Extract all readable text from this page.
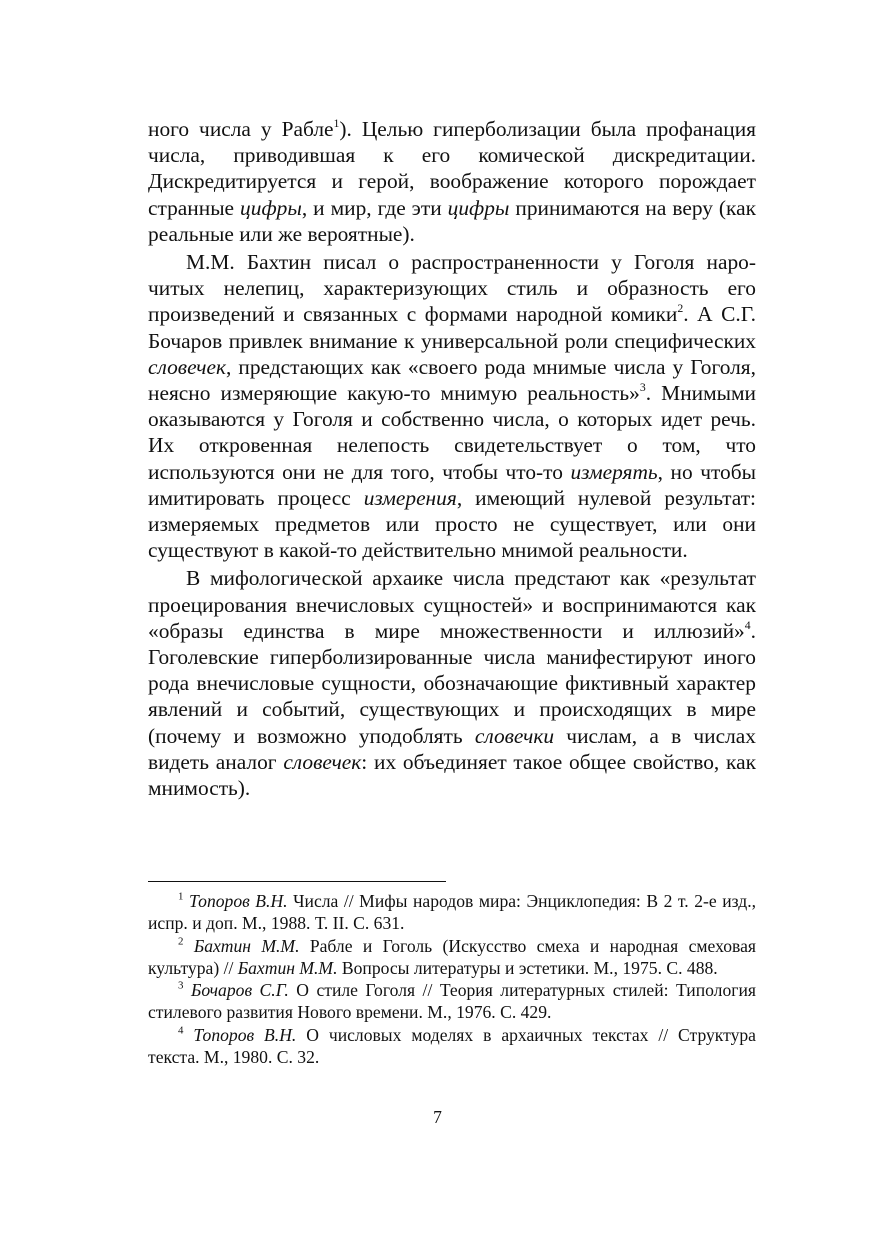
ного числа у Рабле$^1$). Целью гиперболизации была профанация числа, приводившая к его комической дискредитации. Дискредитируется и герой, воображение которого порождает странные цифры, и мир, где эти цифры принимаются на веру (как реальные или же вероятные).

М.М. Бахтин писал о распространенности у Гоголя нарочитых нелепиц, характеризующих стиль и образность его произведений и связанных с формами народной комики$^2$. А С.Г. Бочаров привлек внимание к универсальной роли специфических словечек, предстающих как «своего рода мнимые числа у Гоголя, неясно измеряющие какую-то мнимую реальность»$^3$. Мнимыми оказываются у Гоголя и собственно числа, о которых идет речь. Их откровенная нелепость свидетельствует о том, что используются они не для того, чтобы что-то измерять, но чтобы имитировать процесс измерения, имеющий нулевой результат: измеряемых предметов или просто не существует, или они существуют в какой-то действительно мнимой реальности.

В мифологической архаике числа предстают как «результат проецирования внечисловых сущностей» и воспринимаются как «образы единства в мире множественности и иллюзий»$^4$. Гоголевские гиперболизированные числа манифестируют иного рода внечисловые сущности, обозначающие фиктивный характер явлений и событий, существующих и происходящих в мире (почему и возможно уподоблять словечки числам, а в числах видеть аналог словечек: их объединяет такое общее свойство, как мнимость).

$^1$ Топоров В.Н. Числа // Мифы народов мира: Энциклопедия: В 2 т. 2-е изд., испр. и доп. М., 1988. Т. II. С. 631.

$^2$ Бахтин М.М. Рабле и Гоголь (Искусство смеха и народная смеховая культура) // Бахтин М.М. Вопросы литературы и эстетики. М., 1975. С. 488.

$^3$ Бочаров С.Г. О стиле Гоголя // Теория литературных стилей: Типология стилевого развития Нового времени. М., 1976. С. 429.

$^4$ Топоров В.Н. О числовых моделях в архаичных текстах // Структура текста. М., 1980. С. 32.

7
